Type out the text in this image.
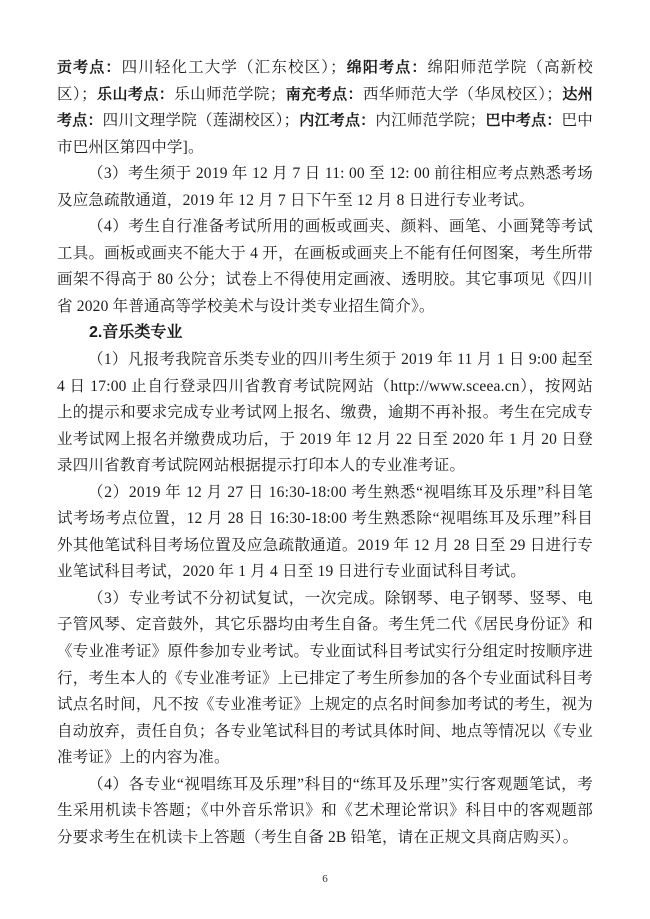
贡考点：四川轻化工大学（汇东校区）；绵阳考点：绵阳师范学院（高新校区）；乐山考点：乐山师范学院；南充考点：西华师范大学（华凤校区）；达州考点：四川文理学院（莲湖校区）；内江考点：内江师范学院；巴中考点：巴中市巴州区第四中学]。

（3）考生须于 2019 年 12 月 7 日 11: 00 至 12: 00 前往相应考点熟悉考场及应急疏散通道，2019 年 12 月 7 日下午至 12 月 8 日进行专业考试。

（4）考生自行准备考试所用的画板或画夹、颜料、画笔、小画凳等考试工具。画板或画夹不能大于 4 开，在画板或画夹上不能有任何图案，考生所带画架不得高于 80 公分；试卷上不得使用定画液、透明胶。其它事项见《四川省 2020 年普通高等学校美术与设计类专业招生简介》。

2.音乐类专业

（1）凡报考我院音乐类专业的四川考生须于 2019 年 11 月 1 日 9:00 起至 4 日 17:00 止自行登录四川省教育考试院网站（http://www.sceea.cn），按网站上的提示和要求完成专业考试网上报名、缴费，逾期不再补报。考生在完成专业考试网上报名并缴费成功后，于 2019 年 12 月 22 日至 2020 年 1 月 20 日登录四川省教育考试院网站根据提示打印本人的专业准考证。

（2）2019 年 12 月 27 日 16:30-18:00 考生熟悉“视唱练耳及乐理”科目笔试考场考点位置，12 月 28 日 16:30-18:00 考生熟悉除“视唱练耳及乐理”科目外其他笔试科目考场位置及应急疏散通道。2019 年 12 月 28 日至 29 日进行专业笔试科目考试，2020 年 1 月 4 日至 19 日进行专业面试科目考试。

（3）专业考试不分初试复试，一次完成。除钢琴、电子钢琴、竖琴、电子管风琴、定音鼓外，其它乐器均由考生自备。考生凭二代《居民身份证》和《专业准考证》原件参加专业考试。专业面试科目考试实行分组定时按顺序进行，考生本人的《专业准考证》上已排定了考生所参加的各个专业面试科目考试点名时间，凡不按《专业准考证》上规定的点名时间参加考试的考生，视为自动放弃，责任自负；各专业笔试科目的考试具体时间、地点等情况以《专业准考证》上的内容为准。

（4）各专业“视唱练耳及乐理”科目的“练耳及乐理”实行客观题笔试，考生采用机读卡答题；《中外音乐常识》和《艺术理论常识》科目中的客观题部分要求考生在机读卡上答题（考生自备 2B 铅笔，请在正规文具商店购买）。

6
